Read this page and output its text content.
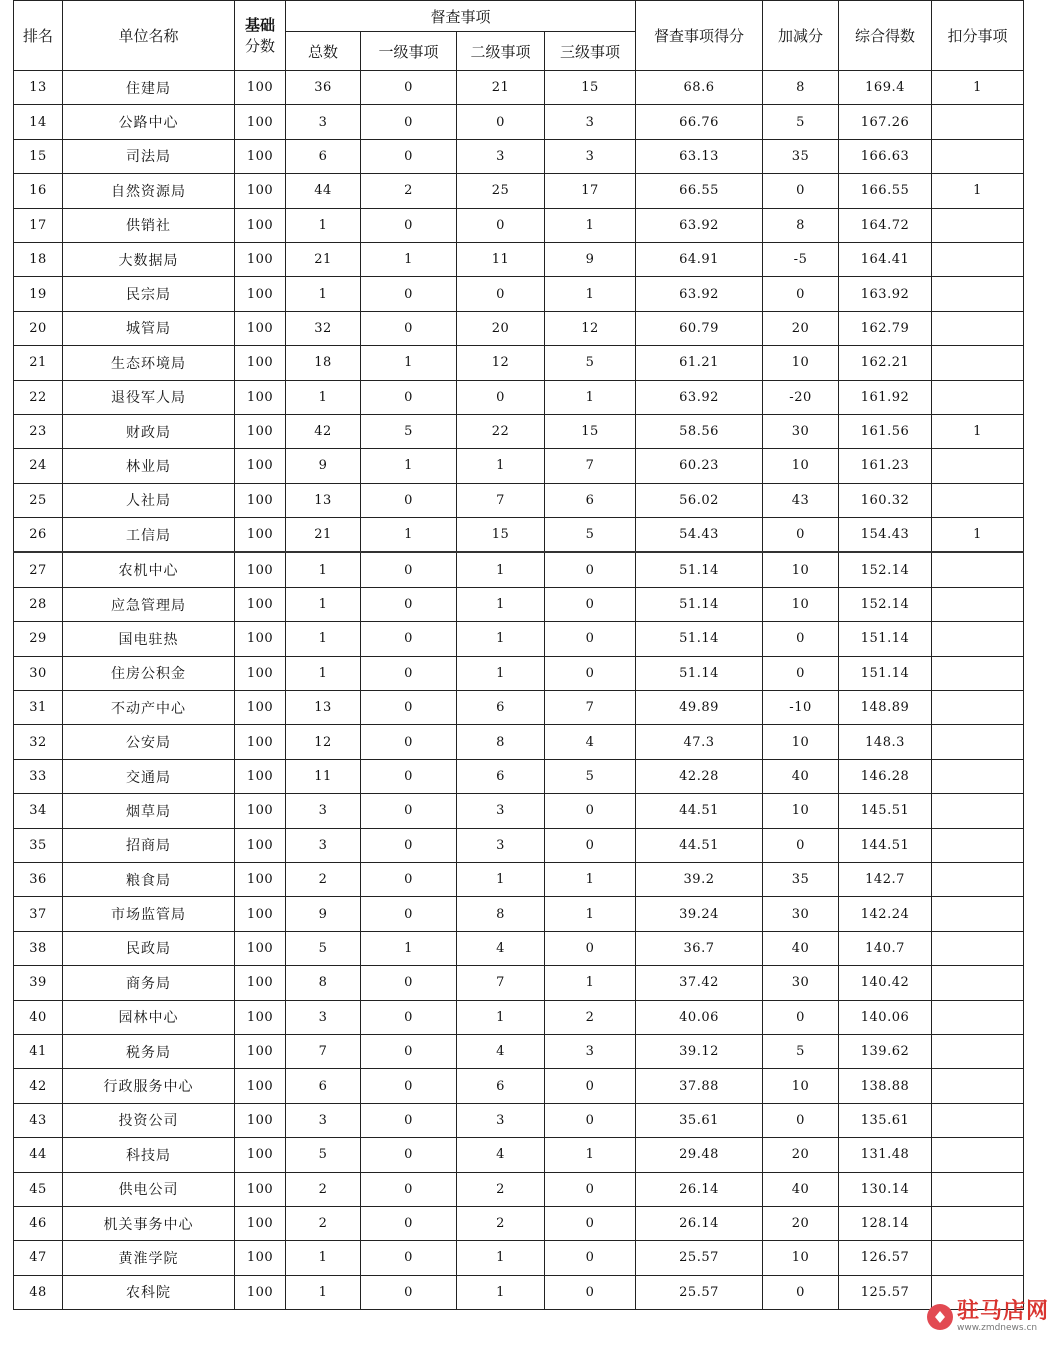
排名	单位名称	基础
分数	督查事项				督查事项得分	加减分	综合得数	扣分事项
			总数	一级事项	二级事项	三级事项				
13	住建局	100	36	0	21	15	68.6	8	169.4	1
14	公路中心	100	3	0	0	3	66.76	5	167.26	
15	司法局	100	6	0	3	3	63.13	35	166.63	
16	自然资源局	100	44	2	25	17	66.55	0	166.55	1
17	供销社	100	1	0	0	1	63.92	8	164.72	
18	大数据局	100	21	1	11	9	64.91	-5	164.41	
19	民宗局	100	1	0	0	1	63.92	0	163.92	
20	城管局	100	32	0	20	12	60.79	20	162.79	
21	生态环境局	100	18	1	12	5	61.21	10	162.21	
22	退役军人局	100	1	0	0	1	63.92	-20	161.92	
23	财政局	100	42	5	22	15	58.56	30	161.56	1
24	林业局	100	9	1	1	7	60.23	10	161.23	
25	人社局	100	13	0	7	6	56.02	43	160.32	
26	工信局	100	21	1	15	5	54.43	0	154.43	1
27	农机中心	100	1	0	1	0	51.14	10	152.14	
28	应急管理局	100	1	0	1	0	51.14	10	152.14	
29	国电驻热	100	1	0	1	0	51.14	0	151.14	
30	住房公积金	100	1	0	1	0	51.14	0	151.14	
31	不动产中心	100	13	0	6	7	49.89	-10	148.89	
32	公安局	100	12	0	8	4	47.3	10	148.3	
33	交通局	100	11	0	6	5	42.28	40	146.28	
34	烟草局	100	3	0	3	0	44.51	10	145.51	
35	招商局	100	3	0	3	0	44.51	0	144.51	
36	粮食局	100	2	0	1	1	39.2	35	142.7	
37	市场监管局	100	9	0	8	1	39.24	30	142.24	
38	民政局	100	5	1	4	0	36.7	40	140.7	
39	商务局	100	8	0	7	1	37.42	30	140.42	
40	园林中心	100	3	0	1	2	40.06	0	140.06	
41	税务局	100	7	0	4	3	39.12	5	139.62	
42	行政服务中心	100	6	0	6	0	37.88	10	138.88	
43	投资公司	100	3	0	3	0	35.61	0	135.61	
44	科技局	100	5	0	4	1	29.48	20	131.48	
45	供电公司	100	2	0	2	0	26.14	40	130.14	
46	机关事务中心	100	2	0	2	0	26.14	20	128.14	
47	黄淮学院	100	1	0	1	0	25.57	10	126.57	
48	农科院	100	1	0	1	0	25.57	0	125.57	
驻马店网
www.zmdnews.cn
